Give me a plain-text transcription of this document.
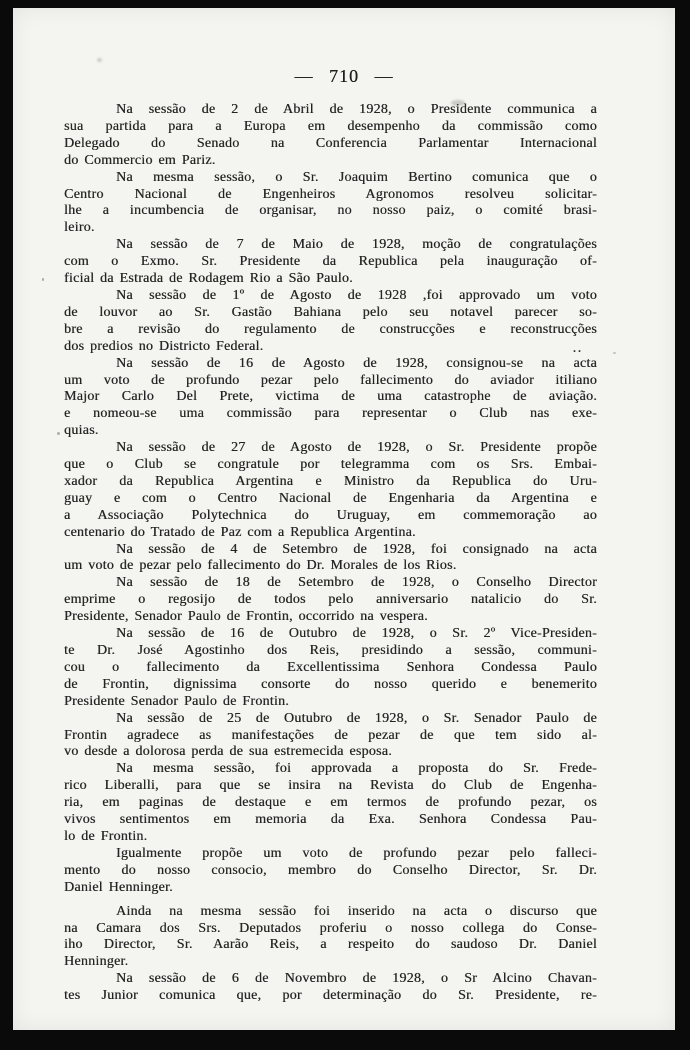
— 710 —

Na sessão de 2 de Abril de 1928, o Presidente communica a
sua partida para a Europa em desempenho da commissão como
Delegado do Senado na Conferencia Parlamentar Internacional
do Commercio em Pariz.

Na mesma sessão, o Sr. Joaquim Bertino comunica que o
Centro Nacional de Engenheiros Agronomos resolveu solicitar-
lhe a incumbencia de organisar, no nosso paiz, o comité brasi-
leiro.

Na sessão de 7 de Maio de 1928, moção de congratulações
com o Exmo. Sr. Presidente da Republica pela inauguração of-
ficial da Estrada de Rodagem Rio a São Paulo.

Na sessão de 1º de Agosto de 1928 ,foi approvado um voto
de louvor ao Sr. Gastão Bahiana pelo seu notavel parecer so-
bre a revisão do regulamento de construcções e reconstrucções
dos predios no Districto Federal.

Na sessão de 16 de Agosto de 1928, consignou-se na acta
um voto de profundo pezar pelo fallecimento do aviador itiliano
Major Carlo Del Prete, victima de uma catastrophe de aviação.
e nomeou-se uma commissão para representar o Club nas exe-
quias.

Na sessão de 27 de Agosto de 1928, o Sr. Presidente propõe
que o Club se congratule por telegramma com os Srs. Embai-
xador da Republica Argentina e Ministro da Republica do Uru-
guay e com o Centro Nacional de Engenharia da Argentina e
a Associação Polytechnica do Uruguay, em commemoração ao
centenario do Tratado de Paz com a Republica Argentina.

Na sessão de 4 de Setembro de 1928, foi consignado na acta
um voto de pezar pelo fallecimento do Dr. Morales de los Rios.

Na sessão de 18 de Setembro de 1928, o Conselho Director
emprime o regosijo de todos pelo anniversario natalicio do Sr.
Presidente, Senador Paulo de Frontin, occorrido na vespera.

Na sessão de 16 de Outubro de 1928, o Sr. 2º Vice-Presiden-
te Dr. José Agostinho dos Reis, presidindo a sessão, communi-
cou o fallecimento da Excellentissima Senhora Condessa Paulo
de Frontin, dignissima consorte do nosso querido e benemerito
Presidente Senador Paulo de Frontin.

Na sessão de 25 de Outubro de 1928, o Sr. Senador Paulo de
Frontin agradece as manifestações de pezar de que tem sido al-
vo desde a dolorosa perda de sua estremecida esposa.

Na mesma sessão, foi approvada a proposta do Sr. Frede-
rico Liberalli, para que se insira na Revista do Club de Engenha-
ria, em paginas de destaque e em termos de profundo pezar, os
vivos sentimentos em memoria da Exa. Senhora Condessa Pau-
lo de Frontin.

Igualmente propõe um voto de profundo pezar pelo falleci-
mento do nosso consocio, membro do Conselho Director, Sr. Dr.
Daniel Henninger.

Ainda na mesma sessão foi inserido na acta o discurso que
na Camara dos Srs. Deputados proferiu o nosso collega do Conse-
iho Director, Sr. Aarão Reis, a respeito do saudoso Dr. Daniel
Henninger.

Na sessão de 6 de Novembro de 1928, o Sr Alcino Chavan-
tes Junior comunica que, por determinação do Sr. Presidente, re-

..
